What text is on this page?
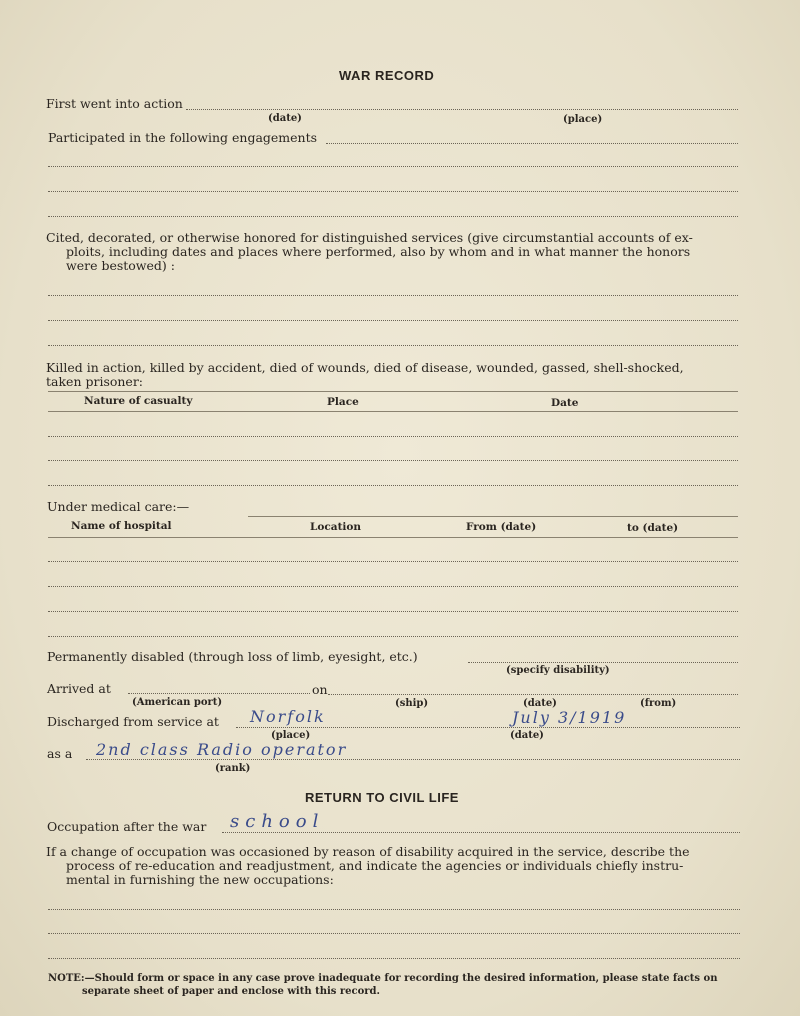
WAR RECORD
First went into action
(date)	(place)
Participated in the following engagements
Cited, decorated, or otherwise honored for distinguished services (give circumstantial accounts of ex-
ploits, including dates and places where performed, also by whom and in what manner the honors
were bestowed) :
Killed in action, killed by accident, died of wounds, died of disease, wounded, gassed, shell-shocked,
taken prisoner:
Nature of casualty	Place	Date
Under medical care:—
Name of hospital	Location	From (date)	to (date)
Permanently disabled (through loss of limb, eyesight, etc.)
(specify disability)
Arrived at	on
(American port)	(ship)	(date)	(from)
Discharged from service at Norfolk	July 3/1919
(place)	(date)
as a 2nd class Radio operator
(rank)
RETURN TO CIVIL LIFE
Occupation after the war school
If a change of occupation was occasioned by reason of disability acquired in the service, describe the
process of re-education and readjustment, and indicate the agencies or individuals chiefly instru-
mental in furnishing the new occupations:
NOTE:—Should form or space in any case prove inadequate for recording the desired information, please state facts on
separate sheet of paper and enclose with this record.
